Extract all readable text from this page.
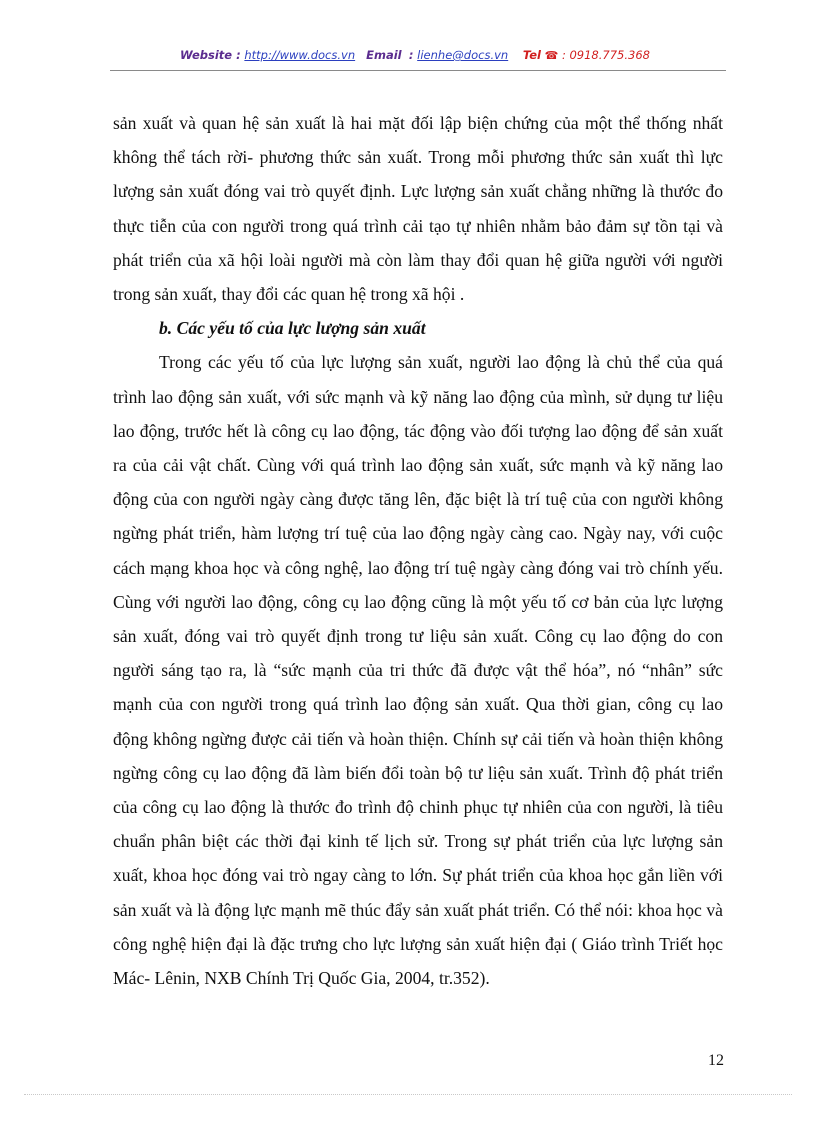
Website : http://www.docs.vn Email : lienhe@docs.vn Tel ☎ : 0918.775.368

sản xuất và quan hệ sản xuất là hai mặt đối lập biện chứng của một thể thống nhất không thể tách rời- phương thức sản xuất. Trong mỗi phương thức sản xuất thì lực lượng sản xuất đóng vai trò quyết định. Lực lượng sản xuất chẳng những là thước đo thực tiễn của con người trong quá trình cải tạo tự nhiên nhằm bảo đảm sự tồn tại và phát triển của xã hội loài người mà còn làm thay đổi quan hệ giữa người với người trong sản xuất, thay đổi các quan hệ trong xã hội .

b. Các yếu tố của lực lượng sản xuất

Trong các yếu tố của lực lượng sản xuất, người lao động là chủ thể của quá trình lao động sản xuất, với sức mạnh và kỹ năng lao động của mình, sử dụng tư liệu lao động, trước hết là công cụ lao động, tác động vào đối tượng lao động để sản xuất ra của cải vật chất. Cùng với quá trình lao động sản xuất, sức mạnh và kỹ năng lao động của con người ngày càng được tăng lên, đặc biệt là trí tuệ của con người không ngừng phát triển, hàm lượng trí tuệ của lao động ngày càng cao. Ngày nay, với cuộc cách mạng khoa học và công nghệ, lao động trí tuệ ngày càng đóng vai trò chính yếu. Cùng với người lao động, công cụ lao động cũng là một yếu tố cơ bản của lực lượng sản xuất, đóng vai trò quyết định trong tư liệu sản xuất. Công cụ lao động do con người sáng tạo ra, là “sức mạnh của tri thức đã được vật thể hóa”, nó “nhân” sức mạnh của con người trong quá trình lao động sản xuất. Qua thời gian, công cụ lao động không ngừng được cải tiến và hoàn thiện. Chính sự cải tiến và hoàn thiện không ngừng công cụ lao động đã làm biến đổi toàn bộ tư liệu sản xuất. Trình độ phát triển của công cụ lao động là thước đo trình độ chinh phục tự nhiên của con người, là tiêu chuẩn phân biệt các thời đại kinh tế lịch sử. Trong sự phát triển của lực lượng sản xuất, khoa học đóng vai trò ngay càng to lớn. Sự phát triển của khoa học gắn liền với sản xuất và là động lực mạnh mẽ thúc đẩy sản xuất phát triển. Có thể nói: khoa học và công nghệ hiện đại là đặc trưng cho lực lượng sản xuất hiện đại ( Giáo trình Triết học Mác- Lênin, NXB Chính Trị Quốc Gia, 2004, tr.352).

12
